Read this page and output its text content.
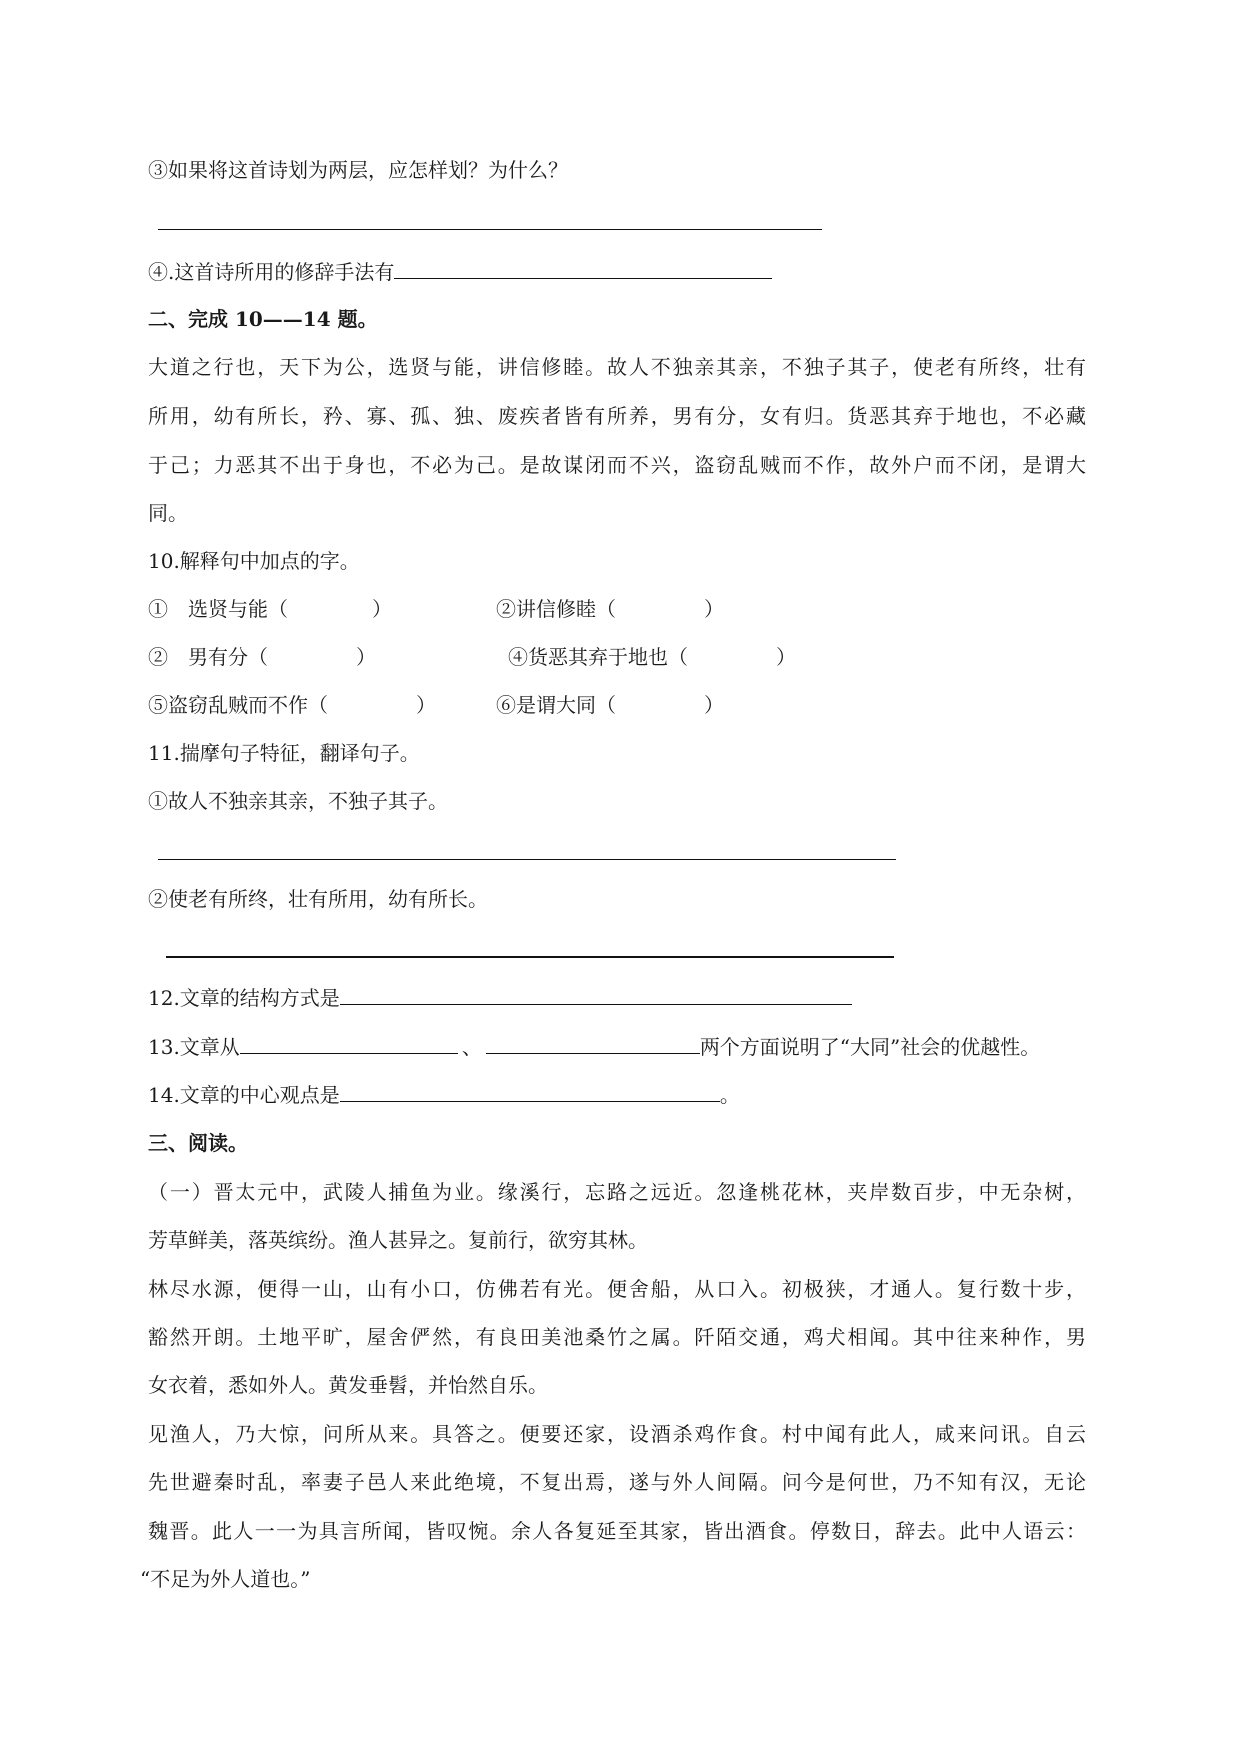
③如果将这首诗划为两层，应怎样划？为什么？
④.这首诗所用的修辞手法有
二、完成 10——14 题。
大道之行也，天下为公，选贤与能，讲信修睦。故人不独亲其亲，不独子其子，使老有所终，壮有
所用，幼有所长，矜、寡、孤、独、废疾者皆有所养，男有分，女有归。货恶其弃于地也，不必藏
于己；力恶其不出于身也，不必为己。是故谋闭而不兴，盗窃乱贼而不作，故外户而不闭，是谓大
同。
10.解释句中加点的字。
①　选贤与能（	）	②讲信修睦（	）
②　男有分（	）	④货恶其弃于地也（	）
⑤盗窃乱贼而不作（	）	⑥是谓大同（	）
11.揣摩句子特征，翻译句子。
①故人不独亲其亲，不独子其子。
②使老有所终，壮有所用，幼有所长。
12.文章的结构方式是
13.文章从	、	两个方面说明了“大同”社会的优越性。
14.文章的中心观点是	。
三、阅读。
（一）晋太元中，武陵人捕鱼为业。缘溪行，忘路之远近。忽逢桃花林，夹岸数百步，中无杂树，
芳草鲜美，落英缤纷。渔人甚异之。复前行，欲穷其林。
林尽水源，便得一山，山有小口，仿佛若有光。便舍船，从口入。初极狭，才通人。复行数十步，
豁然开朗。土地平旷，屋舍俨然，有良田美池桑竹之属。阡陌交通，鸡犬相闻。其中往来种作，男
女衣着，悉如外人。黄发垂髫，并怡然自乐。
见渔人，乃大惊，问所从来。具答之。便要还家，设酒杀鸡作食。村中闻有此人，咸来问讯。自云
先世避秦时乱，率妻子邑人来此绝境，不复出焉，遂与外人间隔。问今是何世，乃不知有汉，无论
魏晋。此人一一为具言所闻，皆叹惋。余人各复延至其家，皆出酒食。停数日，辞去。此中人语云：
“不足为外人道也。”
